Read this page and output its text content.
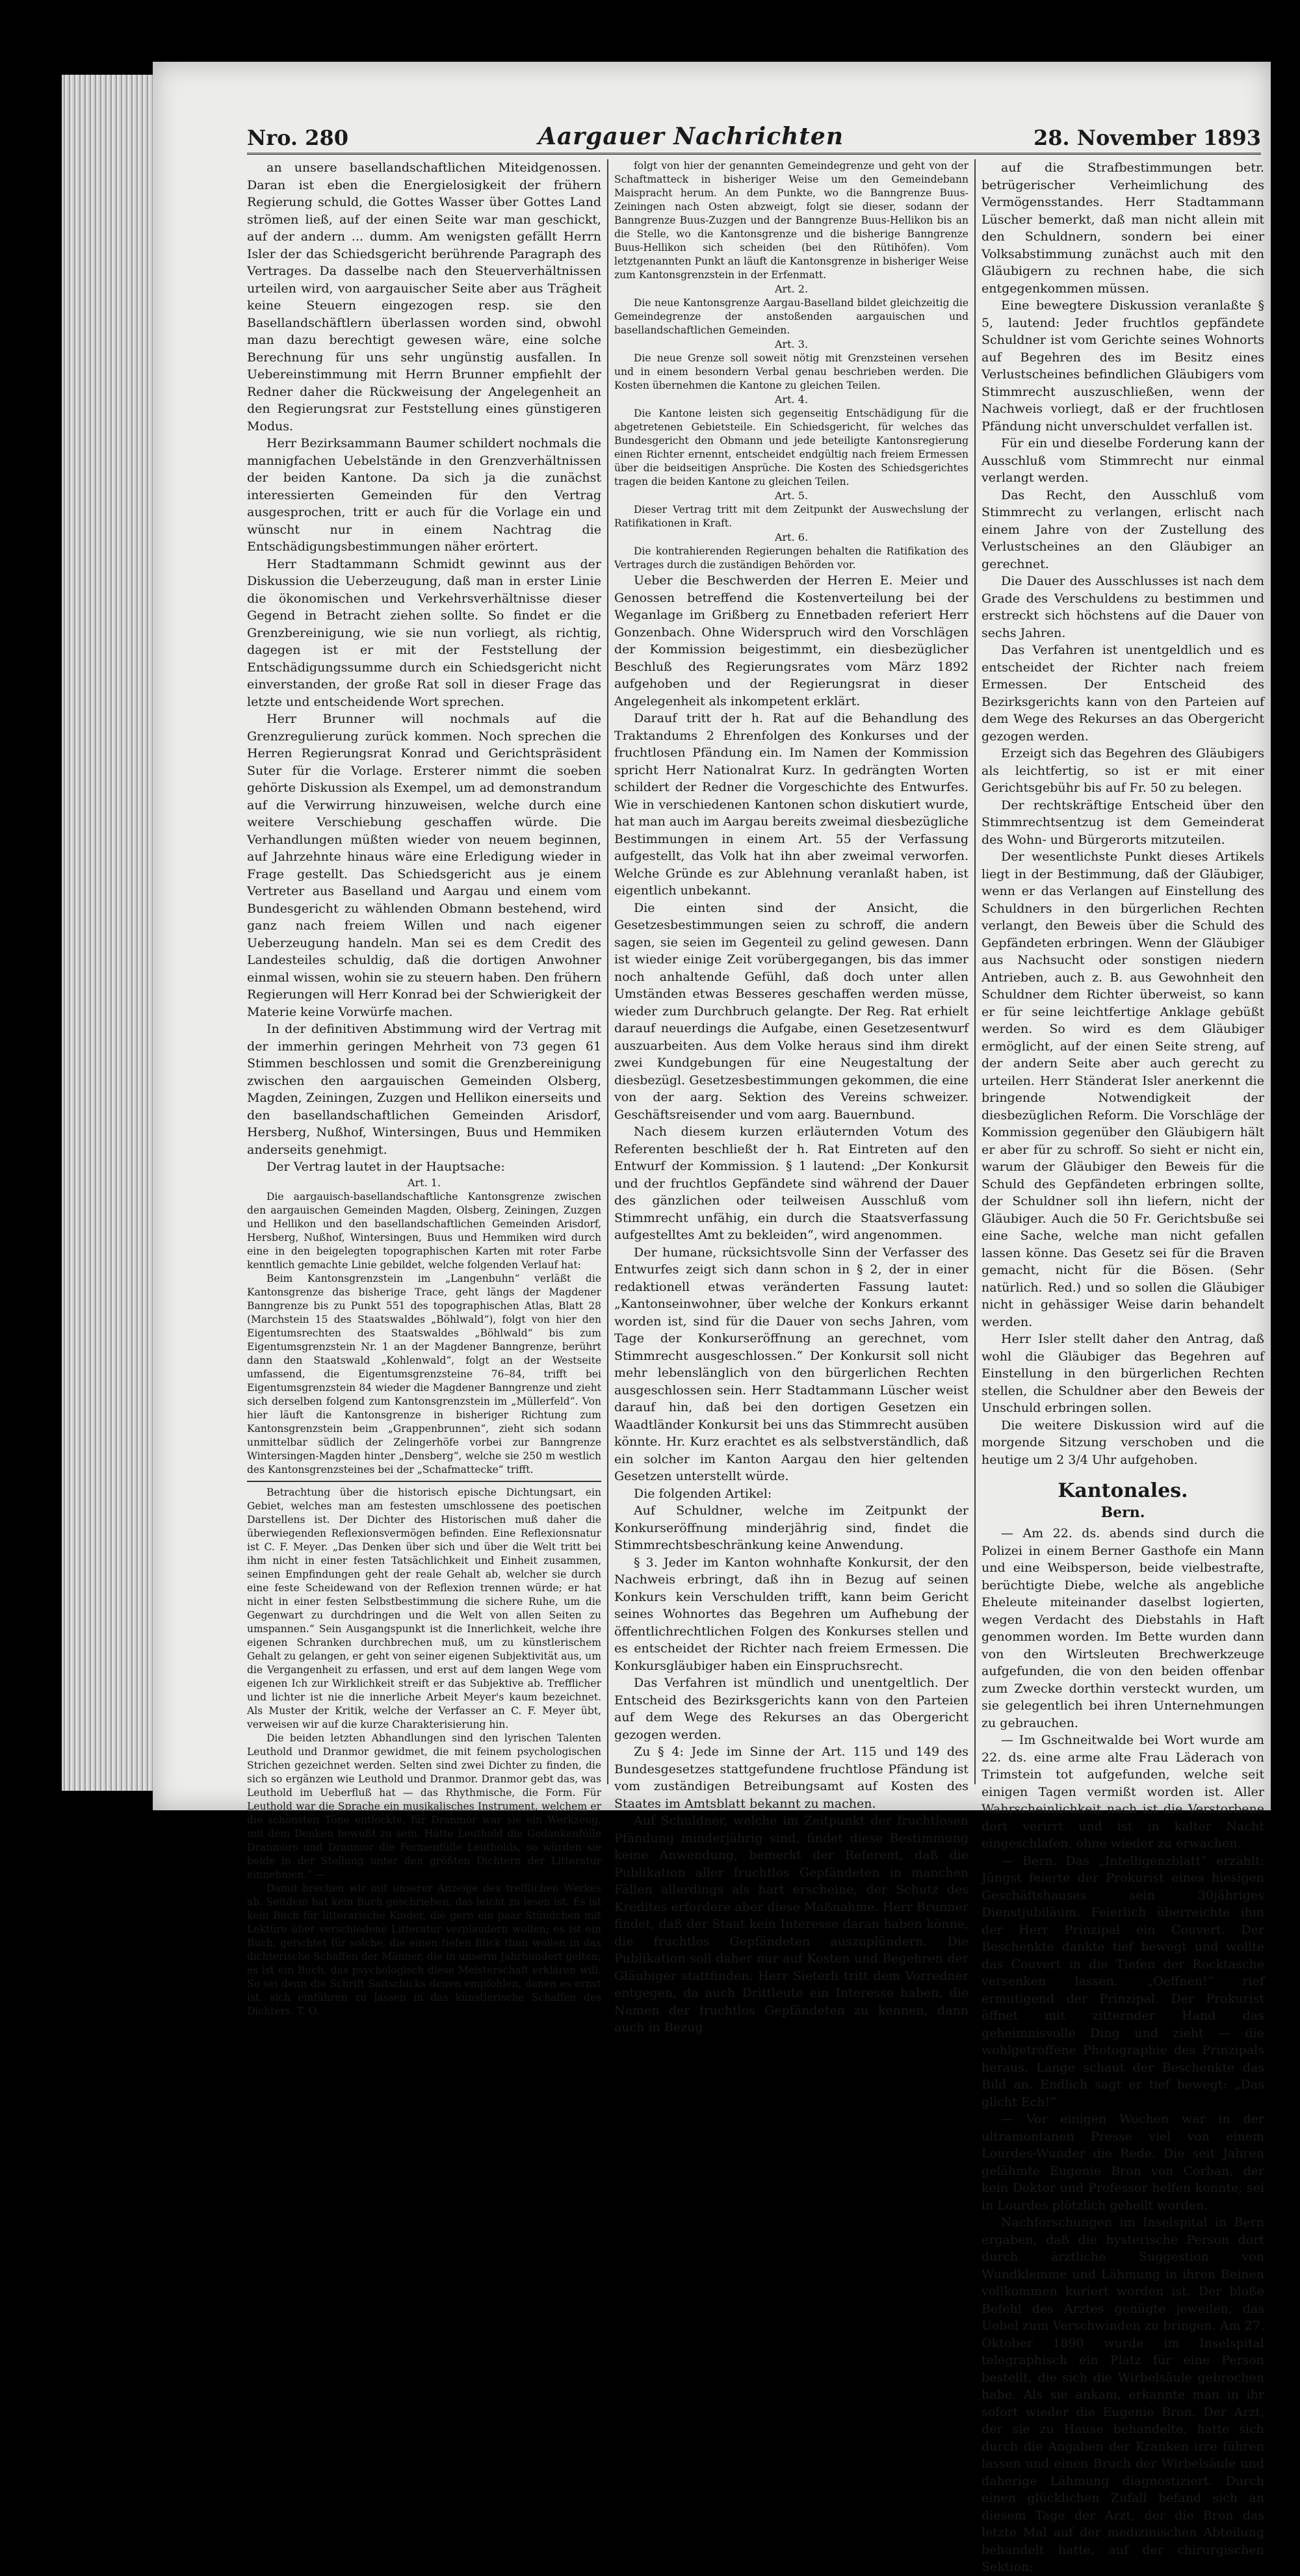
Nro. 280	Aargauer Nachrichten	28. November 1893

an unsere basellandschaftlichen Miteidgenossen. Daran ist eben die Energielosigkeit der frühern Regierung schuld, die Gottes Wasser über Gottes Land strömen ließ, auf der einen Seite war man geschickt, auf der andern ... dumm. Am wenigsten gefällt Herrn Isler der das Schiedsgericht berührende Paragraph des Vertrages. Da dasselbe nach den Steuerverhältnissen urteilen wird, von aargauischer Seite aber aus Trägheit keine Steuern eingezogen resp. sie den Basellandschäftlern überlassen worden sind, obwohl man dazu berechtigt gewesen wäre, eine solche Berechnung für uns sehr ungünstig ausfallen. In Uebereinstimmung mit Herrn Brunner empfiehlt der Redner daher die Rückweisung der Angelegenheit an den Regierungsrat zur Feststellung eines günstigeren Modus.

Herr Bezirksammann Baumer schildert nochmals die mannigfachen Uebelstände in den Grenzverhältnissen der beiden Kantone. Da sich ja die zunächst interessierten Gemeinden für den Vertrag ausgesprochen, tritt er auch für die Vorlage ein und wünscht nur in einem Nachtrag die Entschädigungsbestimmungen näher erörtert.

Herr Stadtammann Schmidt gewinnt aus der Diskussion die Ueberzeugung, daß man in erster Linie die ökonomischen und Verkehrsverhältnisse dieser Gegend in Betracht ziehen sollte. So findet er die Grenzbereinigung, wie sie nun vorliegt, als richtig, dagegen ist er mit der Feststellung der Entschädigungssumme durch ein Schiedsgericht nicht einverstanden, der große Rat soll in dieser Frage das letzte und entscheidende Wort sprechen.

Herr Brunner will nochmals auf die Grenzregulierung zurück kommen. Noch sprechen die Herren Regierungsrat Konrad und Gerichtspräsident Suter für die Vorlage. Ersterer nimmt die soeben gehörte Diskussion als Exempel, um ad demonstrandum auf die Verwirrung hinzuweisen, welche durch eine weitere Verschiebung geschaffen würde. Die Verhandlungen müßten wieder von neuem beginnen, auf Jahrzehnte hinaus wäre eine Erledigung wieder in Frage gestellt. Das Schiedsgericht aus je einem Vertreter aus Baselland und Aargau und einem vom Bundesgericht zu wählenden Obmann bestehend, wird ganz nach freiem Willen und nach eigener Ueberzeugung handeln. Man sei es dem Credit des Landesteiles schuldig, daß die dortigen Anwohner einmal wissen, wohin sie zu steuern haben. Den frühern Regierungen will Herr Konrad bei der Schwierigkeit der Materie keine Vorwürfe machen.

In der definitiven Abstimmung wird der Vertrag mit der immerhin geringen Mehrheit von 73 gegen 61 Stimmen beschlossen und somit die Grenzbereinigung zwischen den aargauischen Gemeinden Olsberg, Magden, Zeiningen, Zuzgen und Hellikon einerseits und den basellandschaftlichen Gemeinden Arisdorf, Hersberg, Nußhof, Wintersingen, Buus und Hemmiken anderseits genehmigt.

Der Vertrag lautet in der Hauptsache:

Art. 1.

Die aargauisch-basellandschaftliche Kantonsgrenze zwischen den aargauischen Gemeinden Magden, Olsberg, Zeiningen, Zuzgen und Hellikon und den basellandschaftlichen Gemeinden Arisdorf, Hersberg, Nußhof, Wintersingen, Buus und Hemmiken wird durch eine in den beigelegten topographischen Karten mit roter Farbe kenntlich gemachte Linie gebildet, welche folgenden Verlauf hat:

Beim Kantonsgrenzstein im „Langenbuhn“ verläßt die Kantonsgrenze das bisherige Trace, geht längs der Magdener Banngrenze bis zu Punkt 551 des topographischen Atlas, Blatt 28 (Marchstein 15 des Staatswaldes „Böhlwald“), folgt von hier den Eigentumsrechten des Staatswaldes „Böhlwald“ bis zum Eigentumsgrenzstein Nr. 1 an der Magdener Banngrenze, berührt dann den Staatswald „Kohlenwald“, folgt an der Westseite umfassend, die Eigentumsgrenzsteine 76–84, trifft bei Eigentumsgrenzstein 84 wieder die Magdener Banngrenze und zieht sich derselben folgend zum Kantonsgrenzstein im „Müllerfeld“. Von hier läuft die Kantonsgrenze in bisheriger Richtung zum Kantonsgrenzstein beim „Grappenbrunnen“, zieht sich sodann unmittelbar südlich der Zelingerhöfe vorbei zur Banngrenze Wintersingen-Magden hinter „Densberg“, welche sie 250 m westlich des Kantonsgrenzsteines bei der „Schafmattecke“ trifft.

Betrachtung über die historisch epische Dichtungsart, ein Gebiet, welches man am festesten umschlossene des poetischen Darstellens ist. Der Dichter des Historischen muß daher die überwiegenden Reflexionsvermögen befinden. Eine Reflexionsnatur ist C. F. Meyer. „Das Denken über sich und über die Welt tritt bei ihm nicht in einer festen Tatsächlichkeit und Einheit zusammen, seinen Empfindungen geht der reale Gehalt ab, welcher sie durch eine feste Scheidewand von der Reflexion trennen würde; er hat nicht in einer festen Selbstbestimmung die sichere Ruhe, um die Gegenwart zu durchdringen und die Welt von allen Seiten zu umspannen.“ Sein Ausgangspunkt ist die Innerlichkeit, welche ihre eigenen Schranken durchbrechen muß, um zu künstlerischem Gehalt zu gelangen, er geht von seiner eigenen Subjektivität aus, um die Vergangenheit zu erfassen, und erst auf dem langen Wege vom eigenen Ich zur Wirklichkeit streift er das Subjektive ab. Trefflicher und lichter ist nie die innerliche Arbeit Meyer's kaum bezeichnet. Als Muster der Kritik, welche der Verfasser an C. F. Meyer übt, verweisen wir auf die kurze Charakterisierung hin.

Die beiden letzten Abhandlungen sind den lyrischen Talenten Leuthold und Dranmor gewidmet, die mit feinem psychologischen Strichen gezeichnet werden. Selten sind zwei Dichter zu finden, die sich so ergänzen wie Leuthold und Dranmor. Dranmor gebt das, was Leuthold im Ueberfluß hat — das Rhythmische, die Form. Für Leuthold war die Sprache ein musikalisches Instrument, welchem er die schönsten Töne entlockte, für Dranmor war sie ein Werkzeug, mit dem Denken bewußt zu sein. Hätte Leuthold die Gedankenfülle Dranmors und Dranmor die Formenfülle Leutholds, so würden sie beide in der Stellung unter den größten Dichtern der Litteratur einnehmen.“ —

Damit brechen wir mit unserer Anzeige des trefflichen Werkes ab. Seitdem hat kein Buch geschrieben, das leicht zu lesen ist. Es ist kein Buch für litterarische Kinder, die gern ein paar Stündchen mit Lektüre über verschiedene Litteratur verplaudern wollen; es ist ein Buch, gerichtet für solche, die einen tiefen Blick thun wollen in das dichterische Schaffen der Männer, die in unserm Jahrhundert gelten; es ist ein Buch, das psychologisch diese Meisterschaft erklären will. So sei denn die Schrift Saitschicks denen empfohlen, denen es ernst ist, sich einführen zu lassen in das künstlerische Schaffen des Dichters. T. O.

folgt von hier der genannten Gemeindegrenze und geht von der Schaftmatteck in bisheriger Weise um den Gemeindebann Maispracht herum. An dem Punkte, wo die Banngrenze Buus-Zeiningen nach Osten abzweigt, folgt sie dieser, sodann der Banngrenze Buus-Zuzgen und der Banngrenze Buus-Hellikon bis an die Stelle, wo die Kantonsgrenze und die bisherige Banngrenze Buus-Hellikon sich scheiden (bei den Rütihöfen). Vom letztgenannten Punkt an läuft die Kantonsgrenze in bisheriger Weise zum Kantonsgrenzstein in der Erfenmatt.

Art. 2.

Die neue Kantonsgrenze Aargau-Baselland bildet gleichzeitig die Gemeindegrenze der anstoßenden aargauischen und basellandschaftlichen Gemeinden.

Art. 3.

Die neue Grenze soll soweit nötig mit Grenzsteinen versehen und in einem besondern Verbal genau beschrieben werden. Die Kosten übernehmen die Kantone zu gleichen Teilen.

Art. 4.

Die Kantone leisten sich gegenseitig Entschädigung für die abgetretenen Gebietsteile. Ein Schiedsgericht, für welches das Bundesgericht den Obmann und jede beteiligte Kantonsregierung einen Richter ernennt, entscheidet endgültig nach freiem Ermessen über die beidseitigen Ansprüche. Die Kosten des Schiedsgerichtes tragen die beiden Kantone zu gleichen Teilen.

Art. 5.

Dieser Vertrag tritt mit dem Zeitpunkt der Auswechslung der Ratifikationen in Kraft.

Art. 6.

Die kontrahierenden Regierungen behalten die Ratifikation des Vertrages durch die zuständigen Behörden vor.

Ueber die Beschwerden der Herren E. Meier und Genossen betreffend die Kostenverteilung bei der Weganlage im Grißberg zu Ennetbaden referiert Herr Gonzenbach. Ohne Widerspruch wird den Vorschlägen der Kommission beigestimmt, ein diesbezüglicher Beschluß des Regierungsrates vom März 1892 aufgehoben und der Regierungsrat in dieser Angelegenheit als inkompetent erklärt.

Darauf tritt der h. Rat auf die Behandlung des Traktandums 2 Ehrenfolgen des Konkurses und der fruchtlosen Pfändung ein. Im Namen der Kommission spricht Herr Nationalrat Kurz. In gedrängten Worten schildert der Redner die Vorgeschichte des Entwurfes. Wie in verschiedenen Kantonen schon diskutiert wurde, hat man auch im Aargau bereits zweimal diesbezügliche Bestimmungen in einem Art. 55 der Verfassung aufgestellt, das Volk hat ihn aber zweimal verworfen. Welche Gründe es zur Ablehnung veranlaßt haben, ist eigentlich unbekannt.

Die einten sind der Ansicht, die Gesetzesbestimmungen seien zu schroff, die andern sagen, sie seien im Gegenteil zu gelind gewesen. Dann ist wieder einige Zeit vorübergegangen, bis das immer noch anhaltende Gefühl, daß doch unter allen Umständen etwas Besseres geschaffen werden müsse, wieder zum Durchbruch gelangte. Der Reg. Rat erhielt darauf neuerdings die Aufgabe, einen Gesetzesentwurf auszuarbeiten. Aus dem Volke heraus sind ihm direkt zwei Kundgebungen für eine Neugestaltung der diesbezügl. Gesetzesbestimmungen gekommen, die eine von der aarg. Sektion des Vereins schweizer. Geschäftsreisender und vom aarg. Bauernbund.

Nach diesem kurzen erläuternden Votum des Referenten beschließt der h. Rat Eintreten auf den Entwurf der Kommission. § 1 lautend: „Der Konkursit und der fruchtlos Gepfändete sind während der Dauer des gänzlichen oder teilweisen Ausschluß vom Stimmrecht unfähig, ein durch die Staatsverfassung aufgestelltes Amt zu bekleiden“, wird angenommen.

Der humane, rücksichtsvolle Sinn der Verfasser des Entwurfes zeigt sich dann schon in § 2, der in einer redaktionell etwas veränderten Fassung lautet: „Kantonseinwohner, über welche der Konkurs erkannt worden ist, sind für die Dauer von sechs Jahren, vom Tage der Konkurseröffnung an gerechnet, vom Stimmrecht ausgeschlossen.“ Der Konkursit soll nicht mehr lebenslänglich von den bürgerlichen Rechten ausgeschlossen sein. Herr Stadtammann Lüscher weist darauf hin, daß bei den dortigen Gesetzen ein Waadtländer Konkursit bei uns das Stimmrecht ausüben könnte. Hr. Kurz erachtet es als selbstverständlich, daß ein solcher im Kanton Aargau den hier geltenden Gesetzen unterstellt würde.

Die folgenden Artikel:

Auf Schuldner, welche im Zeitpunkt der Konkurseröffnung minderjährig sind, findet die Stimmrechtsbeschränkung keine Anwendung.

§ 3. Jeder im Kanton wohnhafte Konkursit, der den Nachweis erbringt, daß ihn in Bezug auf seinen Konkurs kein Verschulden trifft, kann beim Gericht seines Wohnortes das Begehren um Aufhebung der öffentlichrechtlichen Folgen des Konkurses stellen und es entscheidet der Richter nach freiem Ermessen. Die Konkursgläubiger haben ein Einspruchsrecht.

Das Verfahren ist mündlich und unentgeltlich. Der Entscheid des Bezirksgerichts kann von den Parteien auf dem Wege des Rekurses an das Obergericht gezogen werden.

Zu § 4: Jede im Sinne der Art. 115 und 149 des Bundesgesetzes stattgefundene fruchtlose Pfändung ist vom zuständigen Betreibungsamt auf Kosten des Staates im Amtsblatt bekannt zu machen.

Auf Schuldner, welche im Zeitpunkt der fruchtlosen Pfändung minderjährig sind, findet diese Bestimmung keine Anwendung, bemerkt der Referent, daß die Publikation aller fruchtlos Gepfändeten in manchen Fällen allerdings als hart erscheine, der Schutz des Kredites erfordere aber diese Maßnahme. Herr Brunner findet, daß der Staat kein Interesse daran haben könne, die fruchtlos Gepfändeten auszuplündern. Die Publikation soll daher nur auf Kosten und Begehren der Gläubiger stattfinden. Herr Sieterli tritt dem Vorredner entgegen, da auch Drittleute ein Interesse haben, die Namen der fruchtlos Gepfändeten zu kennen, dann auch in Bezug

auf die Strafbestimmungen betr. betrügerischer Verheimlichung des Vermögensstandes. Herr Stadtammann Lüscher bemerkt, daß man nicht allein mit den Schuldnern, sondern bei einer Volksabstimmung zunächst auch mit den Gläubigern zu rechnen habe, die sich entgegenkommen müssen.

Eine bewegtere Diskussion veranlaßte § 5, lautend: Jeder fruchtlos gepfändete Schuldner ist vom Gerichte seines Wohnorts auf Begehren des im Besitz eines Verlustscheines befindlichen Gläubigers vom Stimmrecht auszuschließen, wenn der Nachweis vorliegt, daß er der fruchtlosen Pfändung nicht unverschuldet verfallen ist.

Für ein und dieselbe Forderung kann der Ausschluß vom Stimmrecht nur einmal verlangt werden.

Das Recht, den Ausschluß vom Stimmrecht zu verlangen, erlischt nach einem Jahre von der Zustellung des Verlustscheines an den Gläubiger an gerechnet.

Die Dauer des Ausschlusses ist nach dem Grade des Verschuldens zu bestimmen und erstreckt sich höchstens auf die Dauer von sechs Jahren.

Das Verfahren ist unentgeldlich und es entscheidet der Richter nach freiem Ermessen. Der Entscheid des Bezirksgerichts kann von den Parteien auf dem Wege des Rekurses an das Obergericht gezogen werden.

Erzeigt sich das Begehren des Gläubigers als leichtfertig, so ist er mit einer Gerichtsgebühr bis auf Fr. 50 zu belegen.

Der rechtskräftige Entscheid über den Stimmrechtsentzug ist dem Gemeinderat des Wohn- und Bürgerorts mitzuteilen.

Der wesentlichste Punkt dieses Artikels liegt in der Bestimmung, daß der Gläubiger, wenn er das Verlangen auf Einstellung des Schuldners in den bürgerlichen Rechten verlangt, den Beweis über die Schuld des Gepfändeten erbringen. Wenn der Gläubiger aus Nachsucht oder sonstigen niedern Antrieben, auch z. B. aus Gewohnheit den Schuldner dem Richter überweist, so kann er für seine leichtfertige Anklage gebüßt werden. So wird es dem Gläubiger ermöglicht, auf der einen Seite streng, auf der andern Seite aber auch gerecht zu urteilen. Herr Ständerat Isler anerkennt die bringende Notwendigkeit der diesbezüglichen Reform. Die Vorschläge der Kommission gegenüber den Gläubigern hält er aber für zu schroff. So sieht er nicht ein, warum der Gläubiger den Beweis für die Schuld des Gepfändeten erbringen sollte, der Schuldner soll ihn liefern, nicht der Gläubiger. Auch die 50 Fr. Gerichtsbuße sei eine Sache, welche man nicht gefallen lassen könne. Das Gesetz sei für die Braven gemacht, nicht für die Bösen. (Sehr natürlich. Red.) und so sollen die Gläubiger nicht in gehässiger Weise darin behandelt werden.

Herr Isler stellt daher den Antrag, daß wohl die Gläubiger das Begehren auf Einstellung in den bürgerlichen Rechten stellen, die Schuldner aber den Beweis der Unschuld erbringen sollen.

Die weitere Diskussion wird auf die morgende Sitzung verschoben und die heutige um 2 3/4 Uhr aufgehoben.

Kantonales.
Bern.

— Am 22. ds. abends sind durch die Polizei in einem Berner Gasthofe ein Mann und eine Weibsperson, beide vielbestrafte, berüchtigte Diebe, welche als angebliche Eheleute miteinander daselbst logierten, wegen Verdacht des Diebstahls in Haft genommen worden. Im Bette wurden dann von den Wirtsleuten Brechwerkzeuge aufgefunden, die von den beiden offenbar zum Zwecke dorthin versteckt wurden, um sie gelegentlich bei ihren Unternehmungen zu gebrauchen.

— Im Gschneitwalde bei Wort wurde am 22. ds. eine arme alte Frau Läderach von Trimstein tot aufgefunden, welche seit einigen Tagen vermißt worden ist. Aller Wahrscheinlichkeit nach ist die Verstorbene dort verirrt und ist in kalter Nacht eingeschlafen, ohne wieder zu erwachen.

— Bern. Das „Intelligenzblatt“ erzählt: Jüngst feierte der Prokurist eines hiesigen Geschäftshauses sein 30jähriges Dienstjubiläum. Feierlich überreichte ihm der Herr Prinzipal ein Couvert. Der Beschenkte dankte tief bewegt und wollte das Couvert in die Tiefen der Rocktasche versenken lassen. „Oeffnen!“ rief ermutigend der Prinzipal. Der Prokurist öffnet mit zitternder Hand das geheimnisvolle Ding und zieht — die wohlgetroffene Photographie des Prinzipals heraus. Lange schaut der Beschenkte das Bild an. Endlich sagt er tief bewegt: „Das glicht Ech!“

— Vor einigen Wochen war in der ultramontanen Presse viel von einem Lourdes-Wunder die Rede. Die seit Jahren gelähmte Eugenie Bron von Corban, der kein Doktor und Professor helfen konnte, sei in Lourdes plötzlich geheilt worden.

Nachforschungen im Inselspital in Bern ergaben, daß die hysterische Person dort durch ärztliche Suggestion von Wundklemme und Lähmung in ihren Beinen vollkommen kuriert worden ist. Der bloße Befehl des Arztes genügte jeweilen, das Uebel zum Verschwinden zu bringen. Am 27. Oktober 1890 wurde im Inselspital telegraphisch ein Platz für eine Person bestellt, die sich die Wirbelsäule gebrochen habe. Als sie ankam, erkannte man in ihr sofort wieder die Eugenie Bron. Der Arzt, der sie zu Hause behandelte, hatte sich durch die Angaben der Kranken irre führen lassen und einen Bruch der Wirbelsäule und daherige Lähmung diagnostiziert. Durch einen glücklichen Zufall befand sich an diesem Tage der Arzt, der die Bron das letzte Mal auf der medizinischen Abteilung behandelt hatte, auf der chirurgischen Sektion;
